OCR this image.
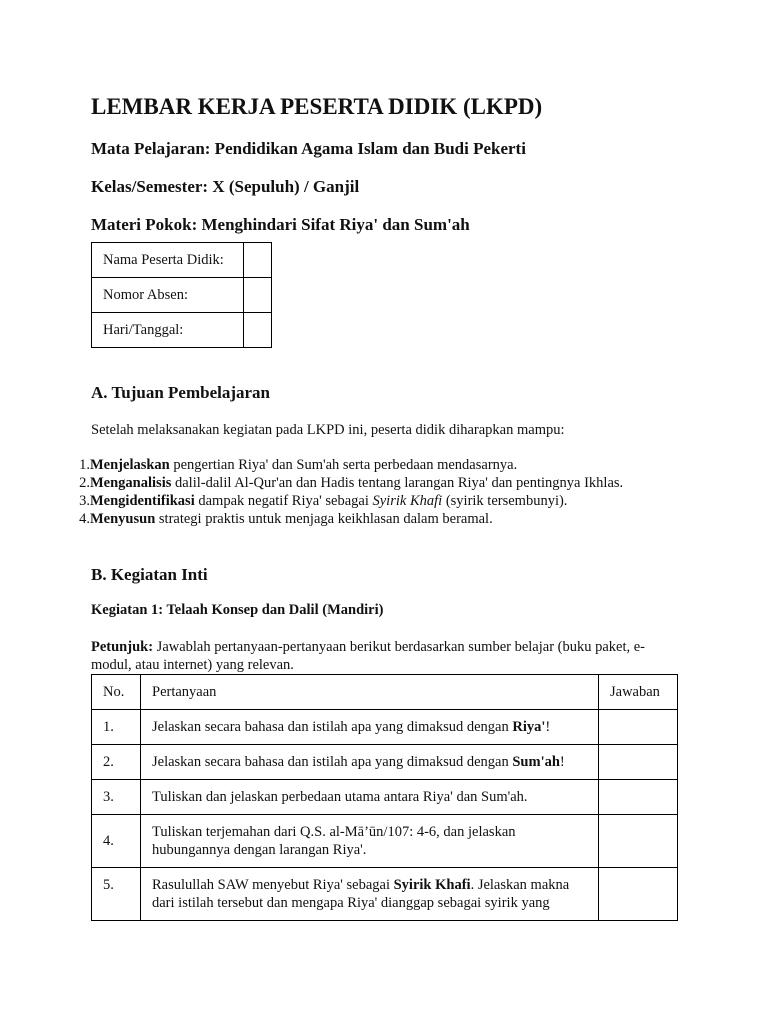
LEMBAR KERJA PESERTA DIDIK (LKPD)
Mata Pelajaran: Pendidikan Agama Islam dan Budi Pekerti
Kelas/Semester: X (Sepuluh) / Ganjil
Materi Pokok: Menghindari Sifat Riya' dan Sum'ah
Nama Peserta Didik:	

Nomor Absen:	

Hari/Tanggal:	

A. Tujuan Pembelajaran
Setelah melaksanakan kegiatan pada LKPD ini, peserta didik diharapkan mampu:
1. Menjelaskan pengertian Riya' dan Sum'ah serta perbedaan mendasarnya.
2. Menganalisis dalil-dalil Al-Qur'an dan Hadis tentang larangan Riya' dan pentingnya Ikhlas.
3. Mengidentifikasi dampak negatif Riya' sebagai Syirik Khafi (syirik tersembunyi).
4. Menyusun strategi praktis untuk menjaga keikhlasan dalam beramal.
B. Kegiatan Inti
Kegiatan 1: Telaah Konsep dan Dalil (Mandiri)
Petunjuk: Jawablah pertanyaan-pertanyaan berikut berdasarkan sumber belajar (buku paket, e-modul, atau internet) yang relevan.
No.	Pertanyaan	Jawaban

1.	Jelaskan secara bahasa dan istilah apa yang dimaksud dengan Riya'!	

2.	Jelaskan secara bahasa dan istilah apa yang dimaksud dengan Sum'ah!	

3.	Tuliskan dan jelaskan perbedaan utama antara Riya' dan Sum'ah.	

4.	Tuliskan terjemahan dari Q.S. al-Mā’ūn/107: 4-6, dan jelaskan hubungannya dengan larangan Riya'.	

5.	Rasulullah SAW menyebut Riya' sebagai Syirik Khafi. Jelaskan makna dari istilah tersebut dan mengapa Riya' dianggap sebagai syirik yang	
